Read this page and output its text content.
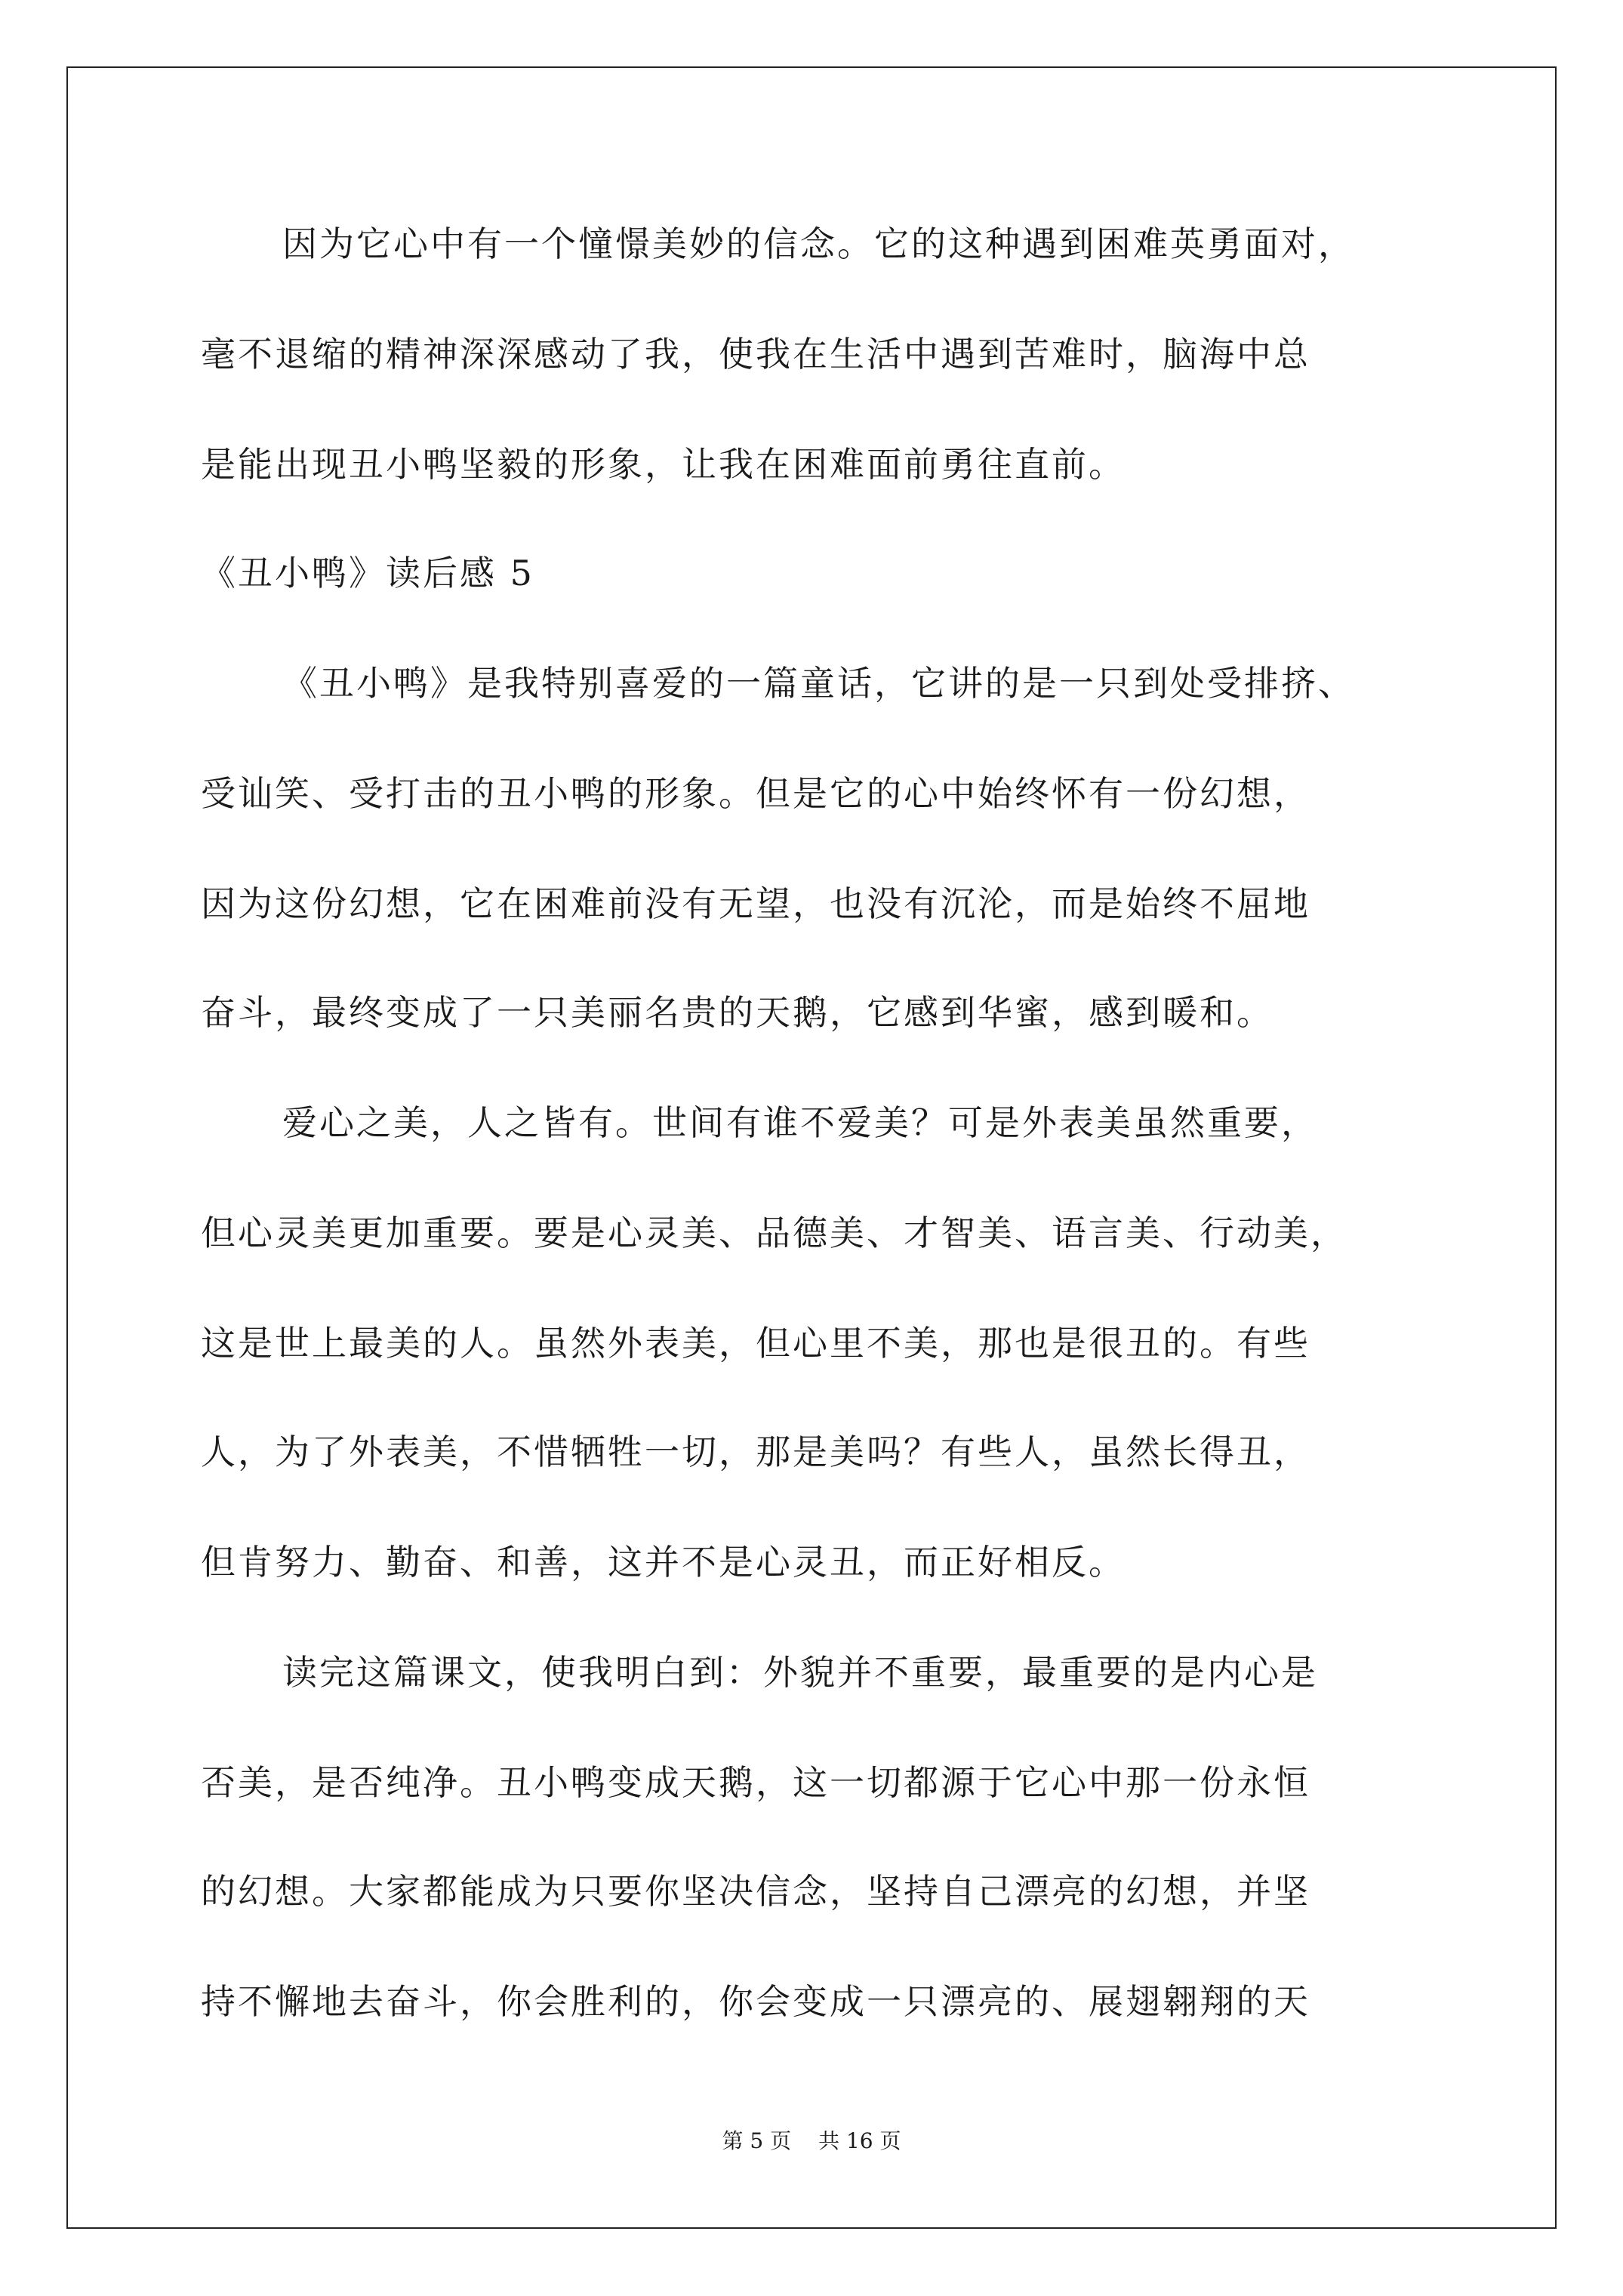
因为它心中有一个憧憬美妙的信念。它的这种遇到困难英勇面对，
毫不退缩的精神深深感动了我，使我在生活中遇到苦难时，脑海中总
是能出现丑小鸭坚毅的形象，让我在困难面前勇往直前。
《丑小鸭》读后感 5
《丑小鸭》是我特别喜爱的一篇童话，它讲的是一只到处受排挤、
受讪笑、受打击的丑小鸭的形象。但是它的心中始终怀有一份幻想，
因为这份幻想，它在困难前没有无望，也没有沉沦，而是始终不屈地
奋斗，最终变成了一只美丽名贵的天鹅，它感到华蜜，感到暖和。
爱心之美，人之皆有。世间有谁不爱美？可是外表美虽然重要，
但心灵美更加重要。要是心灵美、品德美、才智美、语言美、行动美，
这是世上最美的人。虽然外表美，但心里不美，那也是很丑的。有些
人，为了外表美，不惜牺牲一切，那是美吗？有些人，虽然长得丑，
但肯努力、勤奋、和善，这并不是心灵丑，而正好相反。
读完这篇课文，使我明白到：外貌并不重要，最重要的是内心是
否美，是否纯净。丑小鸭变成天鹅，这一切都源于它心中那一份永恒
的幻想。大家都能成为只要你坚决信念，坚持自己漂亮的幻想，并坚
持不懈地去奋斗，你会胜利的，你会变成一只漂亮的、展翅翱翔的天
第 5 页 共 16 页
